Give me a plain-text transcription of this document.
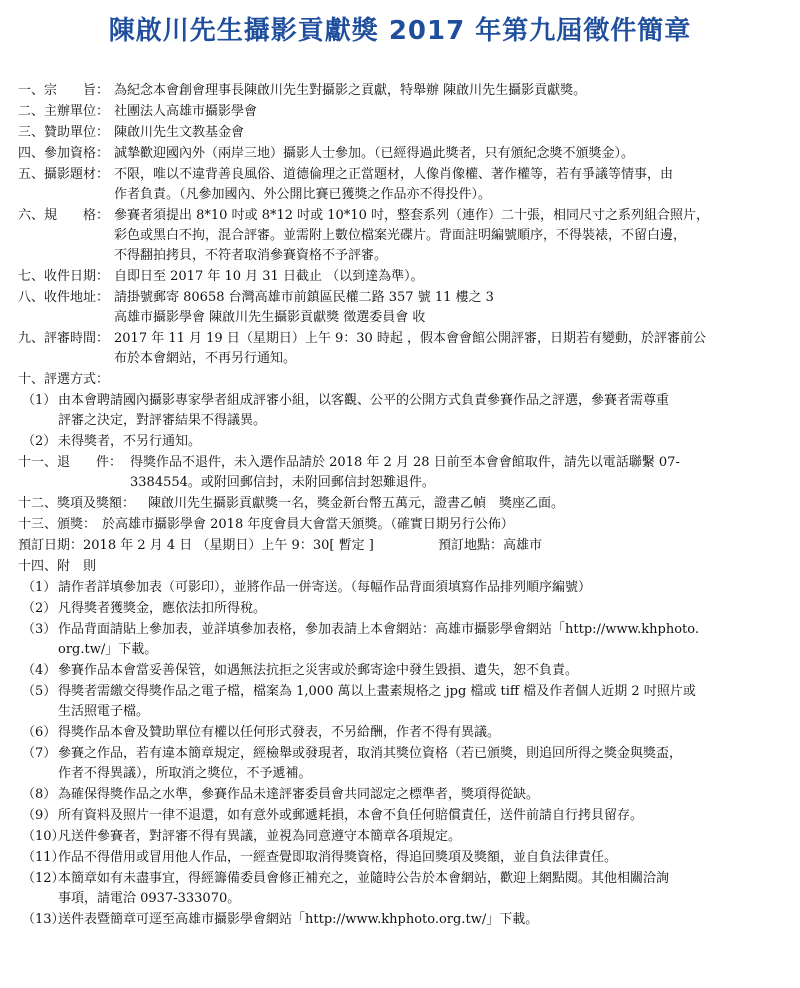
陳啟川先生攝影貢獻獎 2017 年第九屆徵件簡章
一、宗　　旨： 為紀念本會創會理事長陳啟川先生對攝影之貢獻，特舉辦 陳啟川先生攝影貢獻獎。
二、主辦單位： 社團法人高雄市攝影學會
三、贊助單位： 陳啟川先生文教基金會
四、參加資格： 誠摯歡迎國內外（兩岸三地）攝影人士參加。（已經得過此獎者，只有頒紀念獎不頒獎金）。
五、攝影題材： 不限，唯以不違背善良風俗、道德倫理之正當題材，人像肖像權、著作權等，若有爭議等情事，由
作者負責。（凡參加國內、外公開比賽已獲獎之作品亦不得投件）。
六、規　　格： 參賽者須提出 8*10 吋或 8*12 吋或 10*10 吋，整套系列（連作）二十張，相同尺寸之系列組合照片，
彩色或黑白不拘，混合評審。並需附上數位檔案光碟片。背面註明編號順序，不得裝裱，不留白邊，
不得翻拍拷貝，不符者取消參賽資格不予評審。
七、收件日期： 自即日至 2017 年 10 月 31 日截止 （以到達為準）。
八、收件地址： 請掛號郵寄 80658 台灣高雄市前鎮區民權二路 357 號 11 樓之 3
高雄市攝影學會 陳啟川先生攝影貢獻獎 徵選委員會 收
九、評審時間： 2017 年 11 月 19 日（星期日）上午 9：30 時起 ，假本會會館公開評審，日期若有變動，於評審前公
布於本會網站，不再另行通知。
十、評選方式：
（1） 由本會聘請國內攝影專家學者組成評審小組，以客觀、公平的公開方式負責參賽作品之評選，參賽者需尊重
評審之決定，對評審結果不得議異。
（2） 未得獎者，不另行通知。
十一、退　　件： 得獎作品不退件，未入選作品請於 2018 年 2 月 28 日前至本會會館取件，請先以電話聯繫 07-
3384554。或附回郵信封，未附回郵信封恕難退件。
十二、獎項及獎額： 陳啟川先生攝影貢獻獎一名，獎金新台幣五萬元，證書乙幀　獎座乙面。
十三、頒獎： 於高雄市攝影學會 2018 年度會員大會當天頒獎。（確實日期另行公佈）
預訂日期：2018 年 2 月 4 日 （星期日）上午 9：30[ 暫定 ]	預訂地點：高雄市
十四、附　則
（1） 請作者詳填參加表（可影印），並將作品一併寄送。（每幅作品背面須填寫作品排列順序編號）
（2） 凡得獎者獲獎金，應依法扣所得稅。
（3） 作品背面請貼上參加表，並詳填參加表格，參加表請上本會網站：高雄市攝影學會網站「http://www.khphoto.
org.tw/」下載。
（4） 參賽作品本會當妥善保管，如遇無法抗拒之災害或於郵寄途中發生毀損、遺失，恕不負責。
（5） 得獎者需繳交得獎作品之電子檔，檔案為 1,000 萬以上畫素規格之 jpg 檔或 tiff 檔及作者個人近期 2 吋照片或
生活照電子檔。
（6） 得獎作品本會及贊助單位有權以任何形式發表，不另給酬，作者不得有異議。
（7） 參賽之作品，若有違本簡章規定，經檢舉或發現者，取消其獎位資格（若已頒獎，則追回所得之獎金與獎盃，
作者不得異議），所取消之獎位，不予遞補。
（8） 為確保得獎作品之水準，參賽作品未達評審委員會共同認定之標準者，獎項得從缺。
（9） 所有資料及照片一律不退還，如有意外或郵遞耗損，本會不負任何賠償責任，送件前請自行拷貝留存。
（10）
凡送件參賽者，對評審不得有異議，並視為同意遵守本簡章各項規定。
（11）
作品不得借用或冒用他人作品，一經查覺即取消得獎資格，得追回獎項及獎額，並自負法律責任。
（12）
本簡章如有未盡事宜，得經籌備委員會修正補充之，並隨時公告於本會網站，歡迎上網點閱。其他相關洽詢
事項，請電洽 0937-333070。
（13）
送件表暨簡章可逕至高雄市攝影學會網站「http://www.khphoto.org.tw/」下載。
